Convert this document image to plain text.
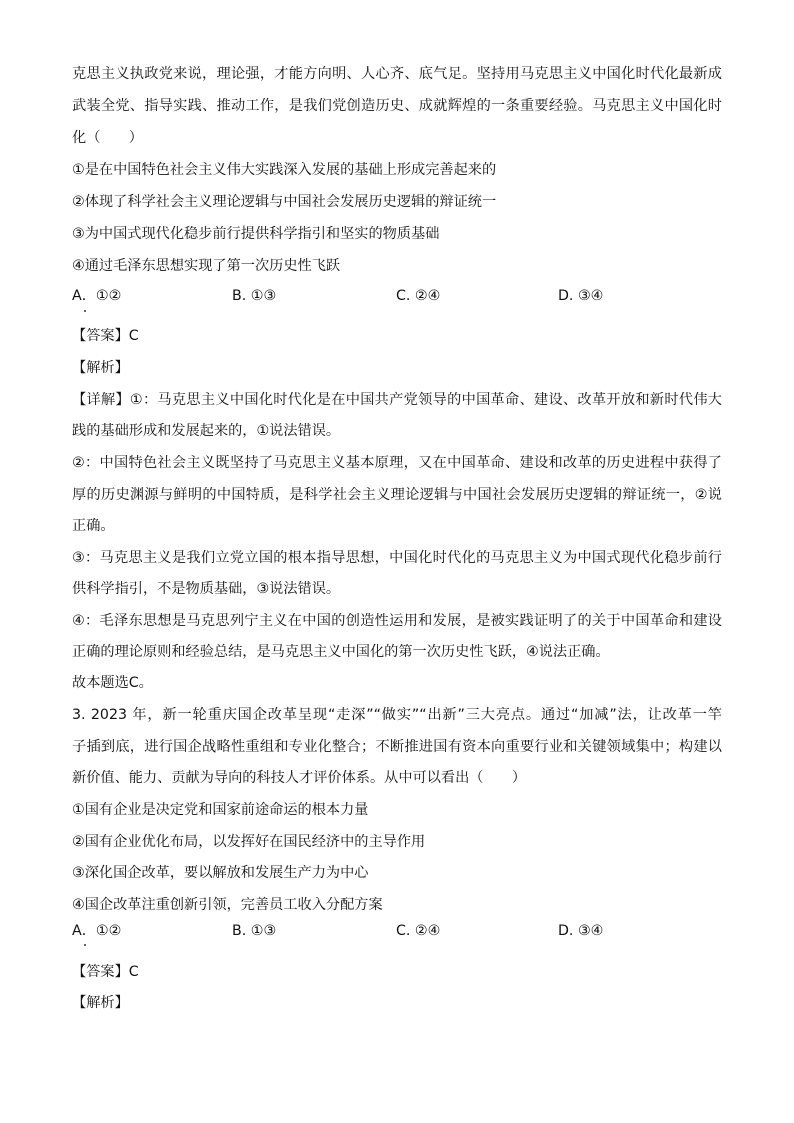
克思主义执政党来说，理论强，才能方向明、人心齐、底气足。坚持用马克思主义中国化时代化最新成
武装全党、指导实践、推动工作，是我们党创造历史、成就辉煌的一条重要经验。马克思主义中国化时
化（　　）
①是在中国特色社会主义伟大实践深入发展的基础上形成完善起来的
②体现了科学社会主义理论逻辑与中国社会发展历史逻辑的辩证统一
③为中国式现代化稳步前行提供科学指引和坚实的物质基础
④通过毛泽东思想实现了第一次历史性飞跃
A．①②	B. ①③	C. ②④	D. ③④
【答案】C
【解析】
【详解】①：马克思主义中国化时代化是在中国共产党领导的中国革命、建设、改革开放和新时代伟大
践的基础形成和发展起来的，①说法错误。
②：中国特色社会主义既坚持了马克思主义基本原理，又在中国革命、建设和改革的历史进程中获得了
厚的历史渊源与鲜明的中国特质，是科学社会主义理论逻辑与中国社会发展历史逻辑的辩证统一，②说
正确。
③：马克思主义是我们立党立国的根本指导思想，中国化时代化的马克思主义为中国式现代化稳步前行
供科学指引，不是物质基础，③说法错误。
④：毛泽东思想是马克思列宁主义在中国的创造性运用和发展，是被实践证明了的关于中国革命和建设
正确的理论原则和经验总结，是马克思主义中国化的第一次历史性飞跃，④说法正确。
故本题选C。
3. 2023 年，新一轮重庆国企改革呈现“走深”“做实”“出新”三大亮点。通过“加减”法，让改革一竿
子插到底，进行国企战略性重组和专业化整合；不断推进国有资本向重要行业和关键领域集中；构建以
新价值、能力、贡献为导向的科技人才评价体系。从中可以看出（　　）
①国有企业是决定党和国家前途命运的根本力量
②国有企业优化布局，以发挥好在国民经济中的主导作用
③深化国企改革，要以解放和发展生产力为中心
④国企改革注重创新引领，完善员工收入分配方案
A．①②	B. ①③	C. ②④	D. ③④
【答案】C
【解析】
